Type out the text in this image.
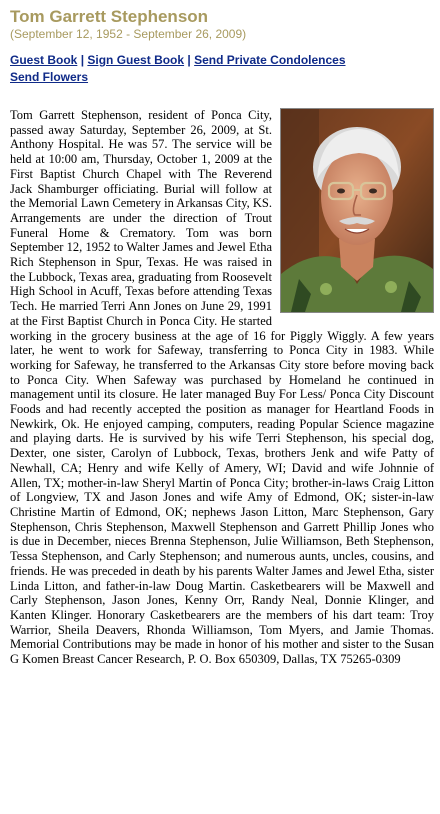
Tom Garrett Stephenson
(September 12, 1952 - September 26, 2009)
Guest Book | Sign Guest Book | Send Private Condolences
Send Flowers
Tom Garrett Stephenson, resident of Ponca City, passed away Saturday, September 26, 2009, at St. Anthony Hospital. He was 57. The service will be held at 10:00 am, Thursday, October 1, 2009 at the First Baptist Church Chapel with The Reverend Jack Shamburger officiating. Burial will follow at the Memorial Lawn Cemetery in Arkansas City, KS. Arrangements are under the direction of Trout Funeral Home & Crematory. Tom was born September 12, 1952 to Walter James and Jewel Etha Rich Stephenson in Spur, Texas. He was raised in the Lubbock, Texas area, graduating from Roosevelt High School in Acuff, Texas before attending Texas Tech. He married Terri Ann Jones on June 29, 1991 at the First Baptist Church in Ponca City. He started working in the grocery business at the age of 16 for Piggly Wiggly. A few years later, he went to work for Safeway, transferring to Ponca City in 1983. While working for Safeway, he transferred to the Arkansas City store before moving back to Ponca City. When Safeway was purchased by Homeland he continued in management until its closure. He later managed Buy For Less/ Ponca City Discount Foods and had recently accepted the position as manager for Heartland Foods in Newkirk, Ok. He enjoyed camping, computers, reading Popular Science magazine and playing darts. He is survived by his wife Terri Stephenson, his special dog, Dexter, one sister, Carolyn of Lubbock, Texas, brothers Jenk and wife Patty of Newhall, CA; Henry and wife Kelly of Amery, WI; David and wife Johnnie of Allen, TX; mother-in-law Sheryl Martin of Ponca City; brother-in-laws Craig Litton of Longview, TX and Jason Jones and wife Amy of Edmond, OK; sister-in-law Christine Martin of Edmond, OK; nephews Jason Litton, Marc Stephenson, Gary Stephenson, Chris Stephenson, Maxwell Stephenson and Garrett Phillip Jones who is due in December, nieces Brenna Stephenson, Julie Williamson, Beth Stephenson, Tessa Stephenson, and Carly Stephenson; and numerous aunts, uncles, cousins, and friends. He was preceded in death by his parents Walter James and Jewel Etha, sister Linda Litton, and father-in-law Doug Martin. Casketbearers will be Maxwell and Carly Stephenson, Jason Jones, Kenny Orr, Randy Neal, Donnie Klinger, and Kanten Klinger. Honorary Casketbearers are the members of his dart team: Troy Warrior, Sheila Deavers, Rhonda Williamson, Tom Myers, and Jamie Thomas. Memorial Contributions may be made in honor of his mother and sister to the Susan G Komen Breast Cancer Research, P. O. Box 650309, Dallas, TX 75265-0309
